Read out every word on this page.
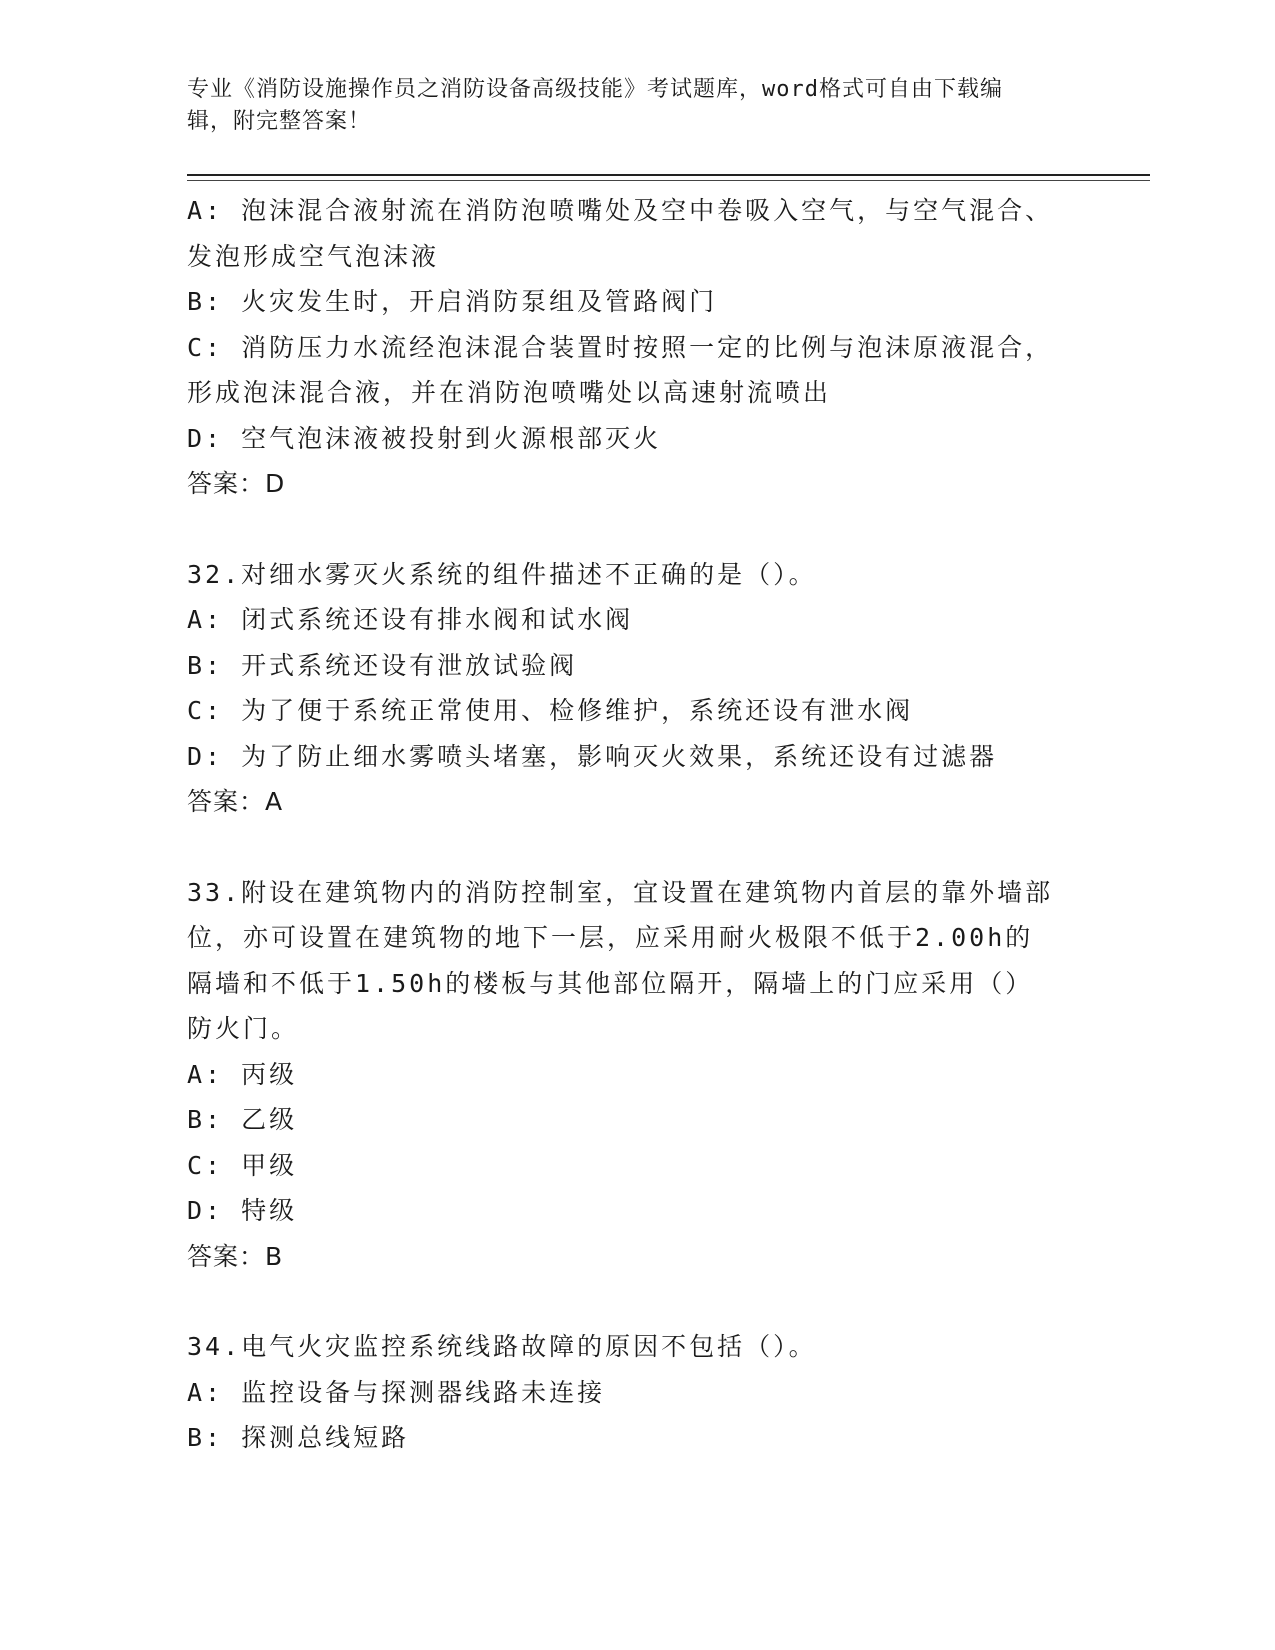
专业《消防设施操作员之消防设备高级技能》考试题库，word格式可自由下载编

辑，附完整答案！

A: 泡沫混合液射流在消防泡喷嘴处及空中卷吸入空气，与空气混合、

发泡形成空气泡沫液

B: 火灾发生时，开启消防泵组及管路阀门

C: 消防压力水流经泡沫混合装置时按照一定的比例与泡沫原液混合，

形成泡沫混合液，并在消防泡喷嘴处以高速射流喷出

D: 空气泡沫液被投射到火源根部灭火

答案：D

32.对细水雾灭火系统的组件描述不正确的是（）。

A: 闭式系统还设有排水阀和试水阀

B: 开式系统还设有泄放试验阀

C: 为了便于系统正常使用、检修维护，系统还设有泄水阀

D: 为了防止细水雾喷头堵塞，影响灭火效果，系统还设有过滤器

答案：A

33.附设在建筑物内的消防控制室，宜设置在建筑物内首层的靠外墙部

位，亦可设置在建筑物的地下一层，应采用耐火极限不低于2.00h的

隔墙和不低于1.50h的楼板与其他部位隔开，隔墙上的门应采用（）

防火门。

A: 丙级

B: 乙级

C: 甲级

D: 特级

答案：B

34.电气火灾监控系统线路故障的原因不包括（）。

A: 监控设备与探测器线路未连接

B: 探测总线短路
